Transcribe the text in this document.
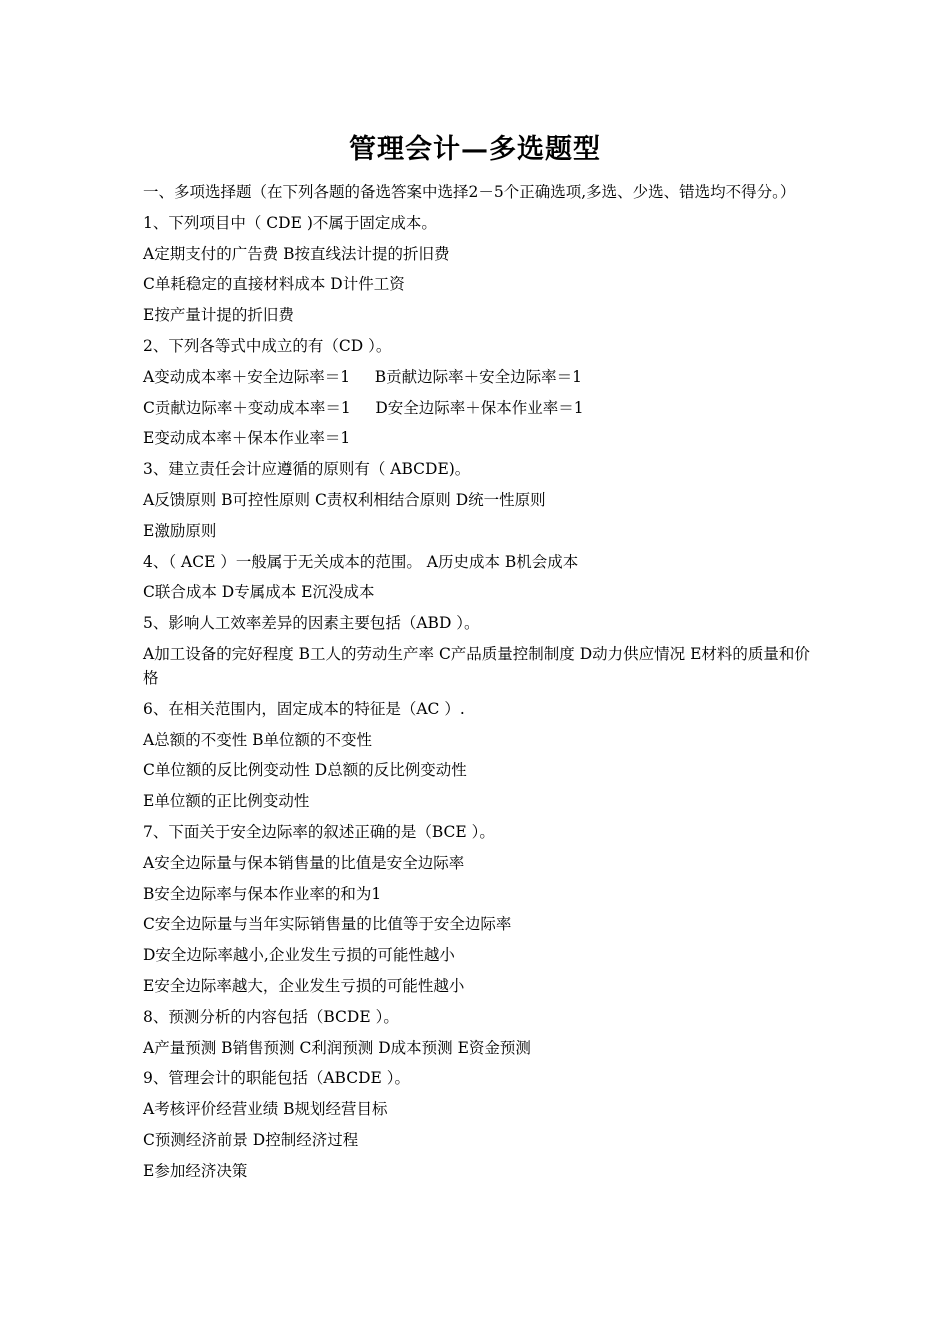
管理会计—多选题型
一、多项选择题（在下列各题的备选答案中选择2－5个正确选项,多选、少选、错选均不得分。）
1、下列项目中（ CDE )不属于固定成本。
A定期支付的广告费 B按直线法计提的折旧费
C单耗稳定的直接材料成本 D计件工资
E按产量计提的折旧费
2、下列各等式中成立的有（CD ）。
A变动成本率＋安全边际率＝1     B贡献边际率＋安全边际率＝1
C贡献边际率＋变动成本率＝1     D安全边际率＋保本作业率＝1
E变动成本率＋保本作业率＝1
3、建立责任会计应遵循的原则有（ ABCDE)。
A反馈原则 B可控性原则 C责权利相结合原则 D统一性原则
E激励原则
4、（ ACE ）一般属于无关成本的范围。 A历史成本 B机会成本
C联合成本 D专属成本 E沉没成本
5、影响人工效率差异的因素主要包括（ABD ）。
A加工设备的完好程度 B工人的劳动生产率 C产品质量控制制度 D动力供应情况 E材料的质量和价格
6、在相关范围内，固定成本的特征是（AC ）.
A总额的不变性 B单位额的不变性
C单位额的反比例变动性 D总额的反比例变动性
E单位额的正比例变动性
7、下面关于安全边际率的叙述正确的是（BCE ）。
A安全边际量与保本销售量的比值是安全边际率
B安全边际率与保本作业率的和为1
C安全边际量与当年实际销售量的比值等于安全边际率
D安全边际率越小,企业发生亏损的可能性越小
E安全边际率越大，企业发生亏损的可能性越小
8、预测分析的内容包括（BCDE ）。
A产量预测 B销售预测 C利润预测 D成本预测 E资金预测
9、管理会计的职能包括（ABCDE ）。
A考核评价经营业绩 B规划经营目标
C预测经济前景 D控制经济过程
E参加经济决策
